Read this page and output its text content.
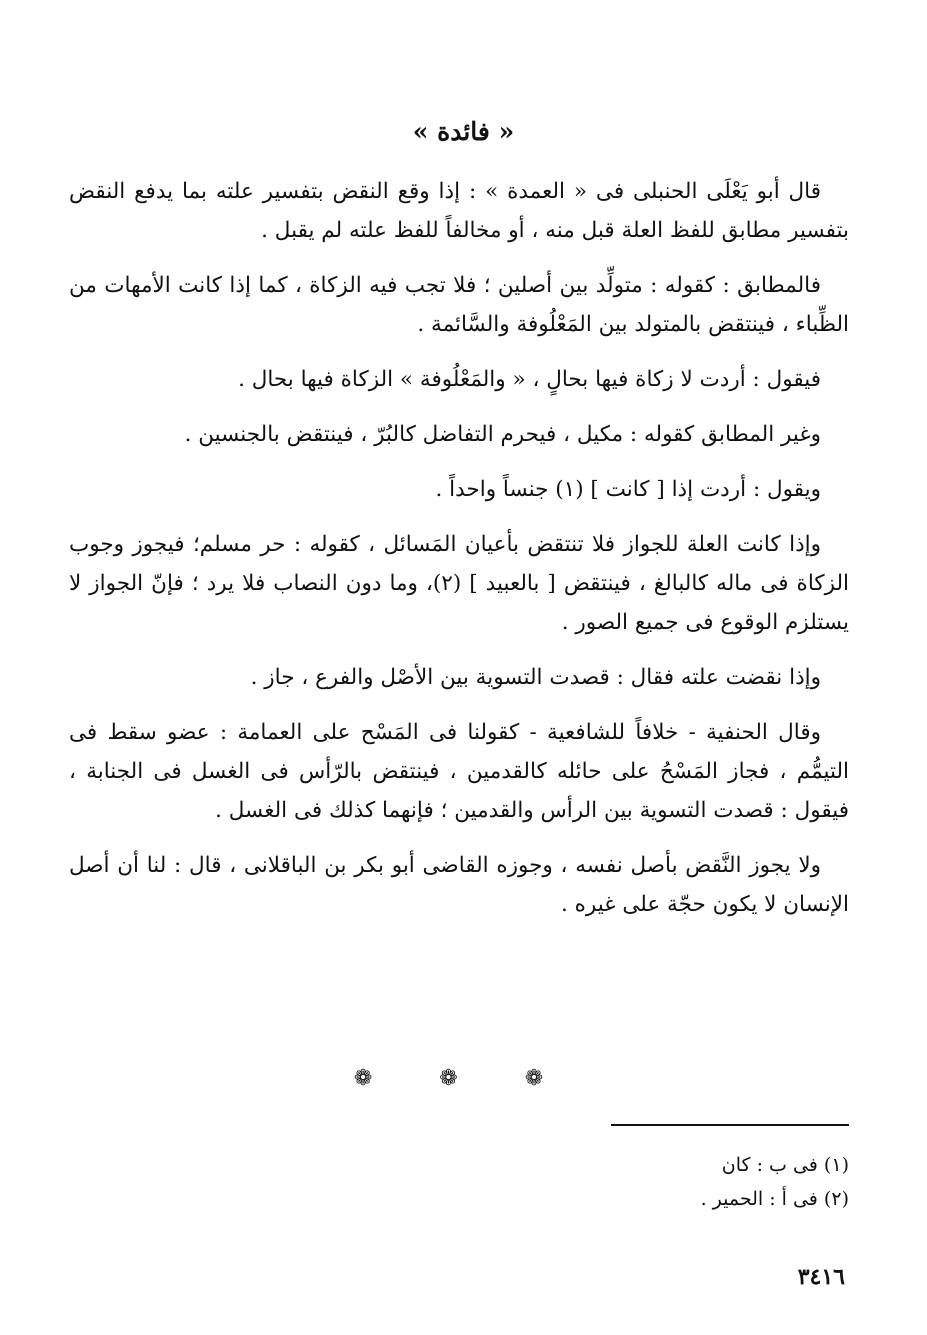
« فائدة »

قال أبو يَعْلَى الحنبلى فى « العمدة » : إذا وقع النقض بتفسير علته بما يدفع النقض بتفسير مطابق للفظ العلة قبل منه ، أو مخالفاً للفظ علته لم يقبل .

فالمطابق : كقوله : متولِّد بين أصلين ؛ فلا تجب فيه الزكاة ، كما إذا كانت الأمهات من الظِّباء ، فينتقض بالمتولد بين المَعْلُوفة والسَّائمة .

فيقول : أردت لا زكاة فيها بحالٍ ، « والمَعْلُوفة » الزكاة فيها بحال .

وغير المطابق كقوله : مكيل ، فيحرم التفاضل كالبُرّ ، فينتقض بالجنسين .

ويقول : أردت إذا [ كانت ] (١) جنساً واحداً .

وإذا كانت العلة للجواز فلا تنتقض بأعيان المَسائل ، كقوله : حر مسلم؛ فيجوز وجوب الزكاة فى ماله كالبالغ ، فينتقض [ بالعبيد ] (٢)، وما دون النصاب فلا يرد ؛ فإنّ الجواز لا يستلزم الوقوع فى جميع الصور .

وإذا نقضت علته فقال : قصدت التسوية بين الأصْل والفرع ، جاز .

وقال الحنفية - خلافاً للشافعية - كقولنا فى المَسْح على العمامة : عضو سقط فى التيمُّم ، فجاز المَسْحُ على حائله كالقدمين ، فينتقض بالرّأس فى الغسل فى الجنابة ، فيقول : قصدت التسوية بين الرأس والقدمين ؛ فإنهما كذلك فى الغسل .

ولا يجوز النَّقض بأصل نفسه ، وجوزه القاضى أبو بكر بن الباقلانى ، قال : لنا أن أصل الإنسان لا يكون حجّة على غيره .

❁ ❁ ❁

(١) فى ب : كان

(٢) فى أ : الحمير .

٣٤١٦
